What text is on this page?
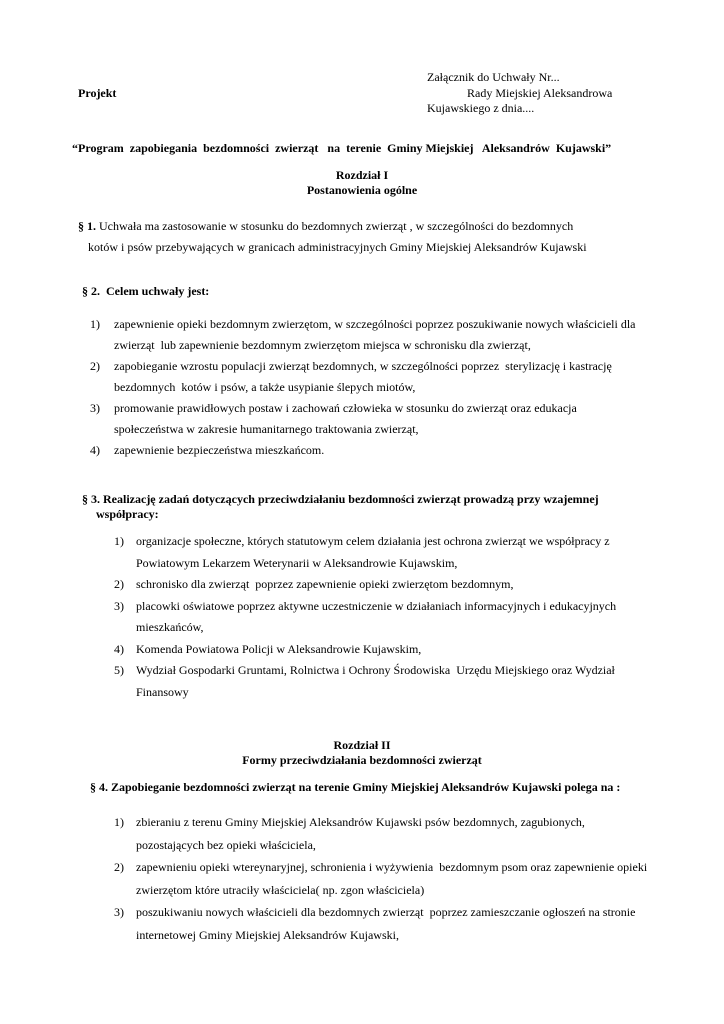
Załącznik do Uchwały Nr...
Projekt	Rady Miejskiej Aleksandrowa
Kujawskiego z dnia....
“Program  zapobiegania  bezdomności  zwierząt   na  terenie  Gminy Miejskiej   Aleksandrów  Kujawski”
Rozdział I
Postanowienia ogólne
§ 1. Uchwała ma zastosowanie w stosunku do bezdomnych zwierząt , w szczególności do bezdomnych
kotów i psów przebywających w granicach administracyjnych Gminy Miejskiej Aleksandrów Kujawski
§ 2.  Celem uchwały jest:
1) zapewnienie opieki bezdomnym zwierzętom, w szczególności poprzez poszukiwanie nowych właścicieli dla
zwierząt  lub zapewnienie bezdomnym zwierzętom miejsca w schronisku dla zwierząt,
2) zapobieganie wzrostu populacji zwierząt bezdomnych, w szczególności poprzez  sterylizację i kastrację
bezdomnych  kotów i psów, a także usypianie ślepych miotów,
3) promowanie prawidłowych postaw i zachowań człowieka w stosunku do zwierząt oraz edukacja
społeczeństwa w zakresie humanitarnego traktowania zwierząt,
4) zapewnienie bezpieczeństwa mieszkańcom.
§ 3. Realizację zadań dotyczących przeciwdziałaniu bezdomności zwierząt prowadzą przy wzajemnej
współpracy:
1) organizacje społeczne, których statutowym celem działania jest ochrona zwierząt we współpracy z
Powiatowym Lekarzem Weterynarii w Aleksandrowie Kujawskim,
2) schronisko dla zwierząt  poprzez zapewnienie opieki zwierzętom bezdomnym,
3) placowki oświatowe poprzez aktywne uczestniczenie w działaniach informacyjnych i edukacyjnych
mieszkańców,
4) Komenda Powiatowa Policji w Aleksandrowie Kujawskim,
5) Wydział Gospodarki Gruntami, Rolnictwa i Ochrony Środowiska  Urzędu Miejskiego oraz Wydział
Finansowy
Rozdział II
Formy przeciwdziałania bezdomności zwierząt
§ 4. Zapobieganie bezdomności zwierząt na terenie Gminy Miejskiej Aleksandrów Kujawski polega na :
1) zbieraniu z terenu Gminy Miejskiej Aleksandrów Kujawski psów bezdomnych, zagubionych,
pozostających bez opieki właściciela,
2) zapewnieniu opieki wtereynaryjnej, schronienia i wyżywienia  bezdomnym psom oraz zapewnienie opieki
zwierzętom które utraciły właściciela( np. zgon właściciela)
3) poszukiwaniu nowych właścicieli dla bezdomnych zwierząt  poprzez zamieszczanie ogłoszeń na stronie
internetowej Gminy Miejskiej Aleksandrów Kujawski,
